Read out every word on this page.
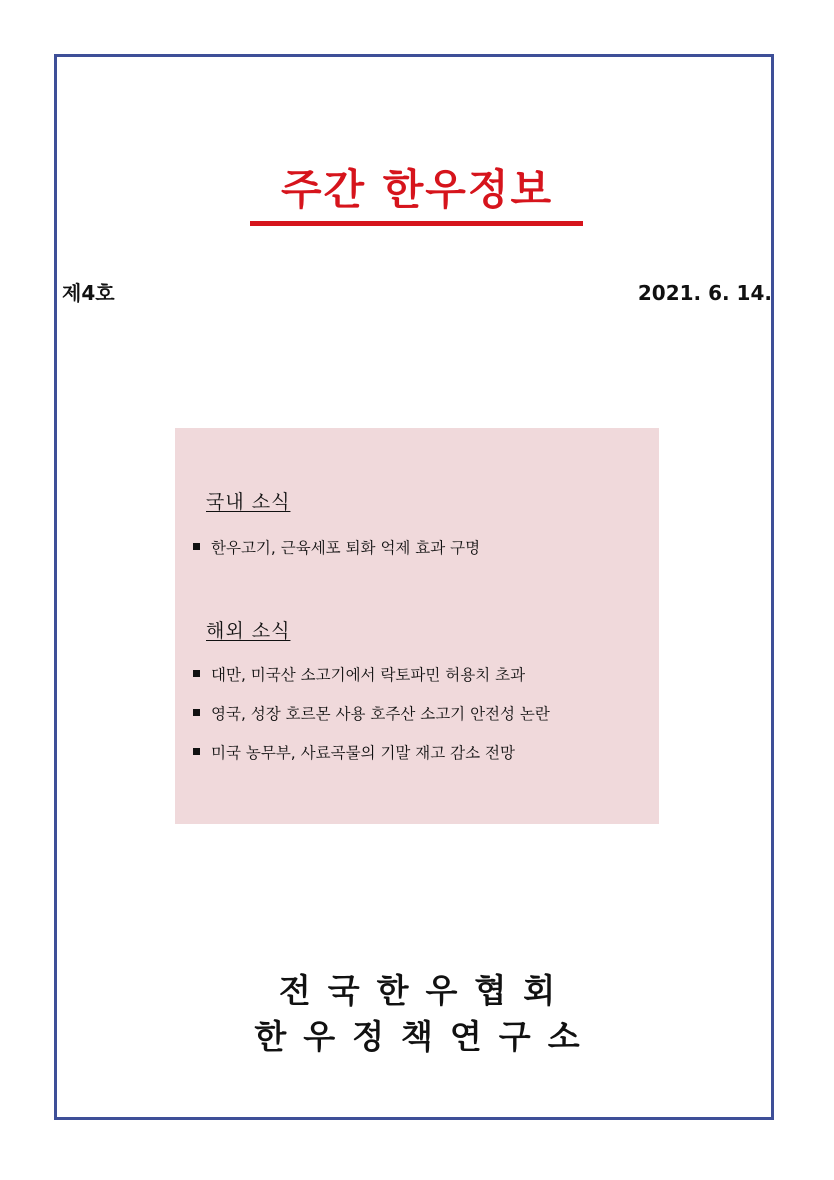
주간 한우정보
제4호	2021. 6. 14.
국내 소식
한우고기, 근육세포 퇴화 억제 효과 구명
해외 소식
대만, 미국산 소고기에서 락토파민 허용치 초과
영국, 성장 호르몬 사용 호주산 소고기 안전성 논란
미국 농무부, 사료곡물의 기말 재고 감소 전망
전국한우협회
한우정책연구소
